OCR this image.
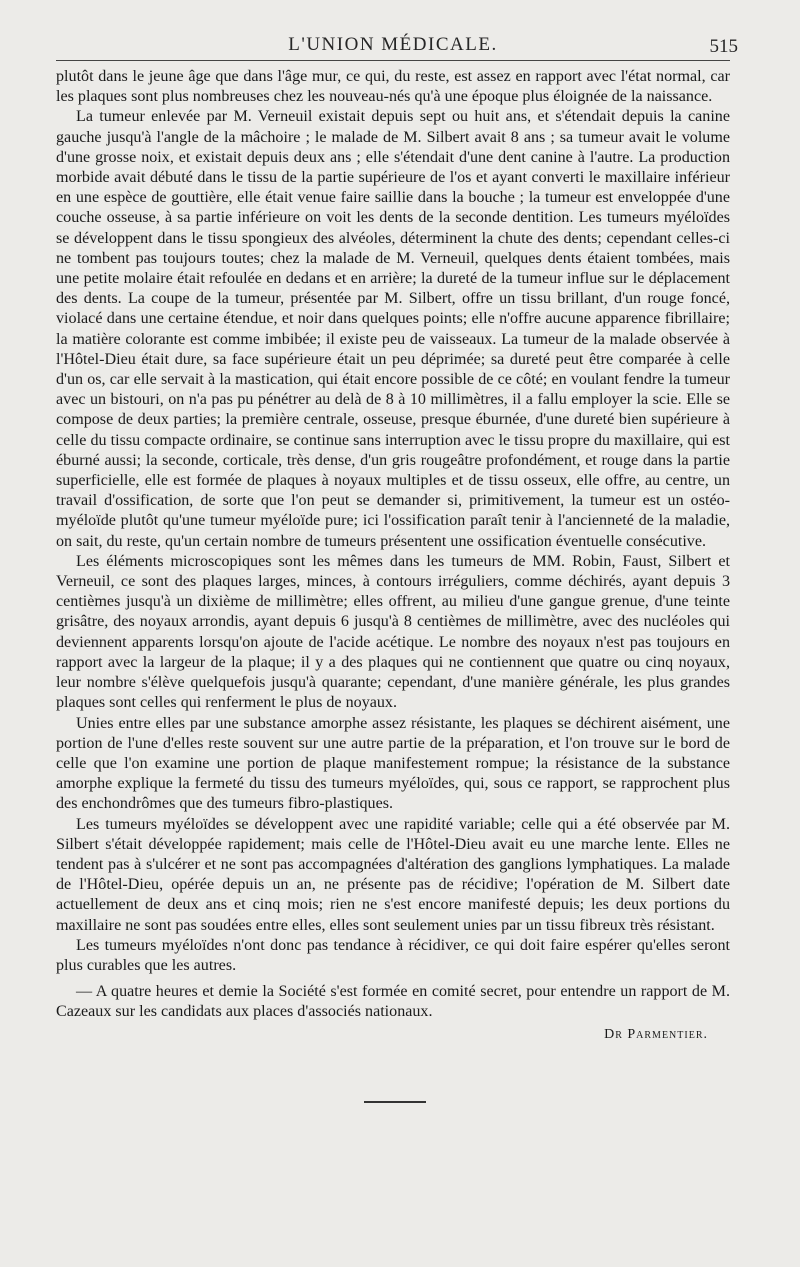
L'UNION MÉDICALE.	515

plutôt dans le jeune âge que dans l'âge mur, ce qui, du reste, est assez en rapport avec l'état normal, car les plaques sont plus nombreuses chez les nouveau-nés qu'à une époque plus éloignée de la naissance.

La tumeur enlevée par M. Verneuil existait depuis sept ou huit ans, et s'étendait depuis la canine gauche jusqu'à l'angle de la mâchoire ; le malade de M. Silbert avait 8 ans ; sa tumeur avait le volume d'une grosse noix, et existait depuis deux ans ; elle s'étendait d'une dent canine à l'autre. La production morbide avait débuté dans le tissu de la partie supérieure de l'os et ayant converti le maxillaire inférieur en une espèce de gouttière, elle était venue faire saillie dans la bouche ; la tumeur est enveloppée d'une couche osseuse, à sa partie inférieure on voit les dents de la seconde dentition. Les tumeurs myéloïdes se développent dans le tissu spongieux des alvéoles, déterminent la chute des dents; cependant celles-ci ne tombent pas toujours toutes; chez la malade de M. Verneuil, quelques dents étaient tombées, mais une petite molaire était refoulée en dedans et en arrière; la dureté de la tumeur influe sur le déplacement des dents. La coupe de la tumeur, présentée par M. Silbert, offre un tissu brillant, d'un rouge foncé, violacé dans une certaine étendue, et noir dans quelques points; elle n'offre aucune apparence fibrillaire; la matière colorante est comme imbibée; il existe peu de vaisseaux. La tumeur de la malade observée à l'Hôtel-Dieu était dure, sa face supérieure était un peu déprimée; sa dureté peut être comparée à celle d'un os, car elle servait à la mastication, qui était encore possible de ce côté; en voulant fendre la tumeur avec un bistouri, on n'a pas pu pénétrer au delà de 8 à 10 millimètres, il a fallu employer la scie. Elle se compose de deux parties; la première centrale, osseuse, presque éburnée, d'une dureté bien supérieure à celle du tissu compacte ordinaire, se continue sans interruption avec le tissu propre du maxillaire, qui est éburné aussi; la seconde, corticale, très dense, d'un gris rougeâtre profondément, et rouge dans la partie superficielle, elle est formée de plaques à noyaux multiples et de tissu osseux, elle offre, au centre, un travail d'ossification, de sorte que l'on peut se demander si, primitivement, la tumeur est un ostéo-myéloïde plutôt qu'une tumeur myéloïde pure; ici l'ossification paraît tenir à l'ancienneté de la maladie, on sait, du reste, qu'un certain nombre de tumeurs présentent une ossification éventuelle consécutive.

Les éléments microscopiques sont les mêmes dans les tumeurs de MM. Robin, Faust, Silbert et Verneuil, ce sont des plaques larges, minces, à contours irréguliers, comme déchirés, ayant depuis 3 centièmes jusqu'à un dixième de millimètre; elles offrent, au milieu d'une gangue grenue, d'une teinte grisâtre, des noyaux arrondis, ayant depuis 6 jusqu'à 8 centièmes de millimètre, avec des nucléoles qui deviennent apparents lorsqu'on ajoute de l'acide acétique. Le nombre des noyaux n'est pas toujours en rapport avec la largeur de la plaque; il y a des plaques qui ne contiennent que quatre ou cinq noyaux, leur nombre s'élève quelquefois jusqu'à quarante; cependant, d'une manière générale, les plus grandes plaques sont celles qui renferment le plus de noyaux.

Unies entre elles par une substance amorphe assez résistante, les plaques se déchirent aisément, une portion de l'une d'elles reste souvent sur une autre partie de la préparation, et l'on trouve sur le bord de celle que l'on examine une portion de plaque manifestement rompue; la résistance de la substance amorphe explique la fermeté du tissu des tumeurs myéloïdes, qui, sous ce rapport, se rapprochent plus des enchondrômes que des tumeurs fibro-plastiques.

Les tumeurs myéloïdes se développent avec une rapidité variable; celle qui a été observée par M. Silbert s'était développée rapidement; mais celle de l'Hôtel-Dieu avait eu une marche lente. Elles ne tendent pas à s'ulcérer et ne sont pas accompagnées d'altération des ganglions lymphatiques. La malade de l'Hôtel-Dieu, opérée depuis un an, ne présente pas de récidive; l'opération de M. Silbert date actuellement de deux ans et cinq mois; rien ne s'est encore manifesté depuis; les deux portions du maxillaire ne sont pas soudées entre elles, elles sont seulement unies par un tissu fibreux très résistant.

Les tumeurs myéloïdes n'ont donc pas tendance à récidiver, ce qui doit faire espérer qu'elles seront plus curables que les autres.

— A quatre heures et demie la Société s'est formée en comité secret, pour entendre un rapport de M. Cazeaux sur les candidats aux places d'associés nationaux.

Dr Parmentier.
